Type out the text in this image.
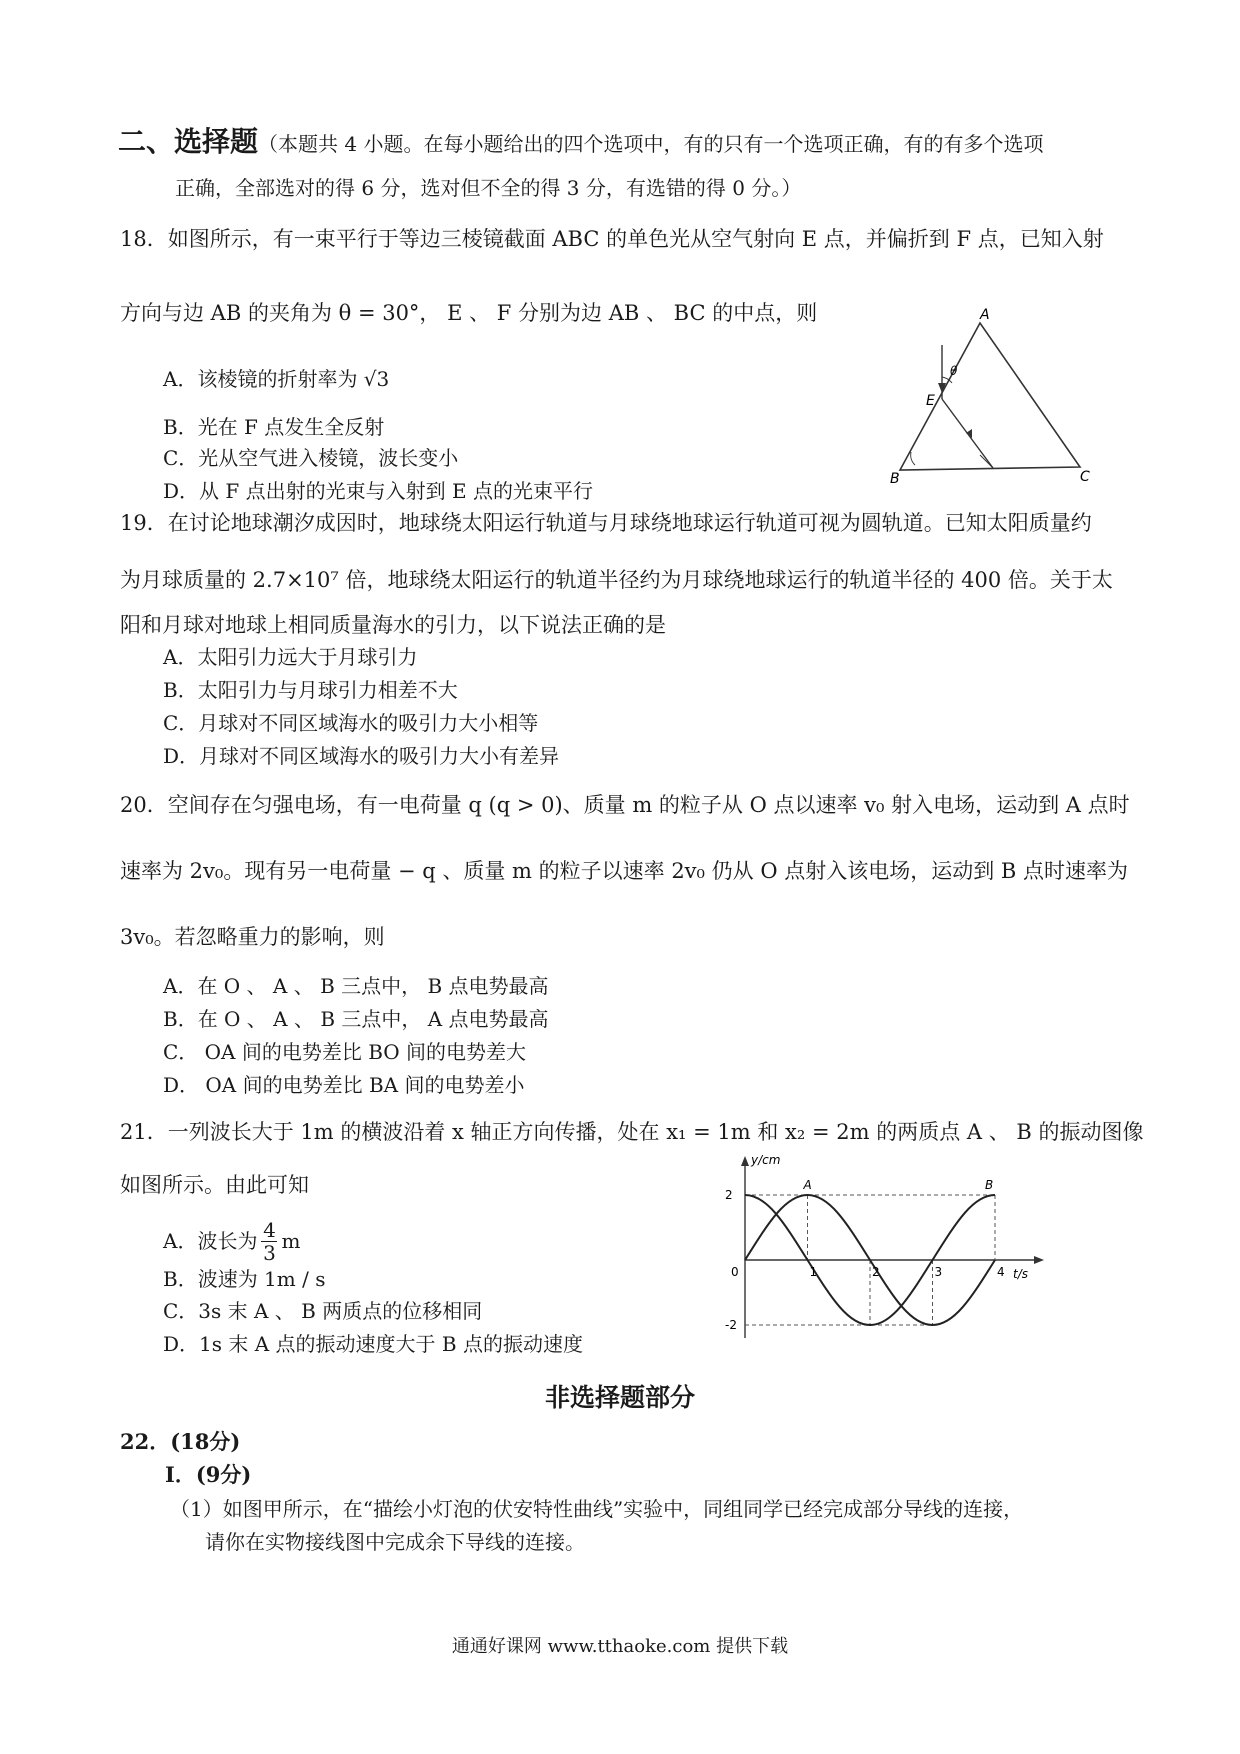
二、选择题（本题共 4 小题。在每小题给出的四个选项中，有的只有一个选项正确，有的有多个选项
正确，全部选对的得 6 分，选对但不全的得 3 分，有选错的得 0 分。）
18．如图所示，有一束平行于等边三棱镜截面 ABC 的单色光从空气射向 E 点，并偏折到 F 点，已知入射
方向与边 AB 的夹角为 θ = 30°， E 、 F 分别为边 AB 、 BC 的中点，则
A．该棱镜的折射率为 √3
B．光在 F 点发生全反射
C．光从空气进入棱镜，波长变小
D．从 F 点出射的光束与入射到 E 点的光束平行
A
B	C
E
θ
19．在讨论地球潮汐成因时，地球绕太阳运行轨道与月球绕地球运行轨道可视为圆轨道。已知太阳质量约
为月球质量的 2.7×10⁷ 倍，地球绕太阳运行的轨道半径约为月球绕地球运行的轨道半径的 400 倍。关于太
阳和月球对地球上相同质量海水的引力，以下说法正确的是
A．太阳引力远大于月球引力
B．太阳引力与月球引力相差不大
C．月球对不同区域海水的吸引力大小相等
D．月球对不同区域海水的吸引力大小有差异
20．空间存在匀强电场，有一电荷量 q (q > 0)、质量 m 的粒子从 O 点以速率 v₀ 射入电场，运动到 A 点时
速率为 2v₀。现有另一电荷量 − q 、质量 m 的粒子以速率 2v₀ 仍从 O 点射入该电场，运动到 B 点时速率为
3v₀。若忽略重力的影响，则
A．在 O 、 A 、 B 三点中， B 点电势最高
B．在 O 、 A 、 B 三点中， A 点电势最高
C． OA 间的电势差比 BO 间的电势差大
D． OA 间的电势差比 BA 间的电势差小
21．一列波长大于 1m 的横波沿着 x 轴正方向传播，处在 x₁ = 1m 和 x₂ = 2m 的两质点 A 、 B 的振动图像
如图所示。由此可知
A．波长为 4
3 m
B．波速为 1m / s
C．3s 末 A 、 B 两质点的位移相同
D．1s 末 A 点的振动速度大于 B 点的振动速度
A	B
0	1	2	3	4
2
-2
y/cm
t/s
非选择题部分
22．(18分)
Ⅰ．(9分)
（1）如图甲所示，在“描绘小灯泡的伏安特性曲线”实验中，同组同学已经完成部分导线的连接，
请你在实物接线图中完成余下导线的连接。
通通好课网 www.tthaoke.com 提供下载
